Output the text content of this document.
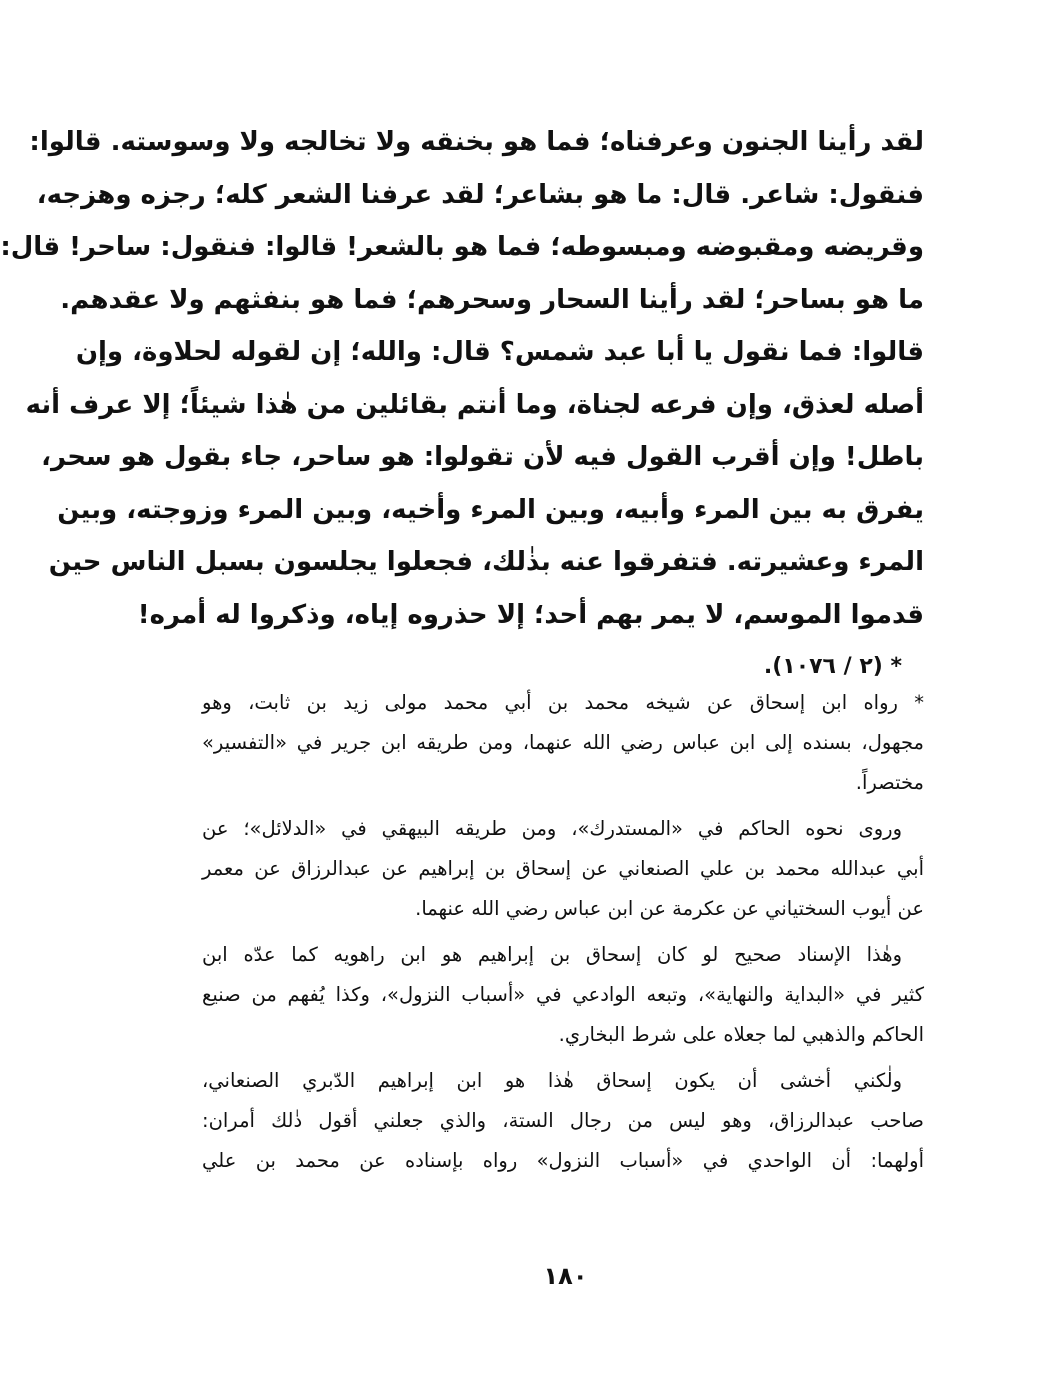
لقد رأينا الجنون وعرفناه؛ فما هو بخنقه ولا تخالجه ولا وسوسته. قالوا:
فنقول: شاعر. قال: ما هو بشاعر؛ لقد عرفنا الشعر كله؛ رجزه وهزجه،
وقريضه ومقبوضه ومبسوطه؛ فما هو بالشعر! قالوا: فنقول: ساحر! قال:
ما هو بساحر؛ لقد رأينا السحار وسحرهم؛ فما هو بنفثهم ولا عقدهم.
قالوا: فما نقول يا أبا عبد شمس؟ قال: والله؛ إن لقوله لحلاوة، وإن
أصله لعذق، وإن فرعه لجناة، وما أنتم بقائلين من هٰذا شيئاً؛ إلا عرف أنه
باطل! وإن أقرب القول فيه لأن تقولوا: هو ساحر، جاء بقول هو سحر،
يفرق به بين المرء وأبيه، وبين المرء وأخيه، وبين المرء وزوجته، وبين
المرء وعشيرته. فتفرقوا عنه بذٰلك، فجعلوا يجلسون بسبل الناس حين
قدموا الموسم، لا يمر بهم أحد؛ إلا حذروه إياه، وذكروا له أمره!
* (٢ / ١٠٧٦).
* رواه ابن إسحاق عن شيخه محمد بن أبي محمد مولى زيد بن ثابت، وهو
مجهول، بسنده إلى ابن عباس رضي الله عنهما، ومن طريقه ابن جرير في «التفسير»
مختصراً.
وروى نحوه الحاكم في «المستدرك»، ومن طريقه البيهقي في «الدلائل»؛ عن
أبي عبدالله محمد بن علي الصنعاني عن إسحاق بن إبراهيم عن عبدالرزاق عن معمر
عن أيوب السختياني عن عكرمة عن ابن عباس رضي الله عنهما.
وهٰذا الإسناد صحيح لو كان إسحاق بن إبراهيم هو ابن راهويه كما عدّه ابن
كثير في «البداية والنهاية»، وتبعه الوادعي في «أسباب النزول»، وكذا يُفهم من صنيع
الحاكم والذهبي لما جعلاه على شرط البخاري.
ولٰكني أخشى أن يكون إسحاق هٰذا هو ابن إبراهيم الدّبري الصنعاني،
صاحب عبدالرزاق، وهو ليس من رجال الستة، والذي جعلني أقول ذٰلك أمران:
أولهما: أن الواحدي في «أسباب النزول» رواه بإسناده عن محمد بن علي
١٨٠
